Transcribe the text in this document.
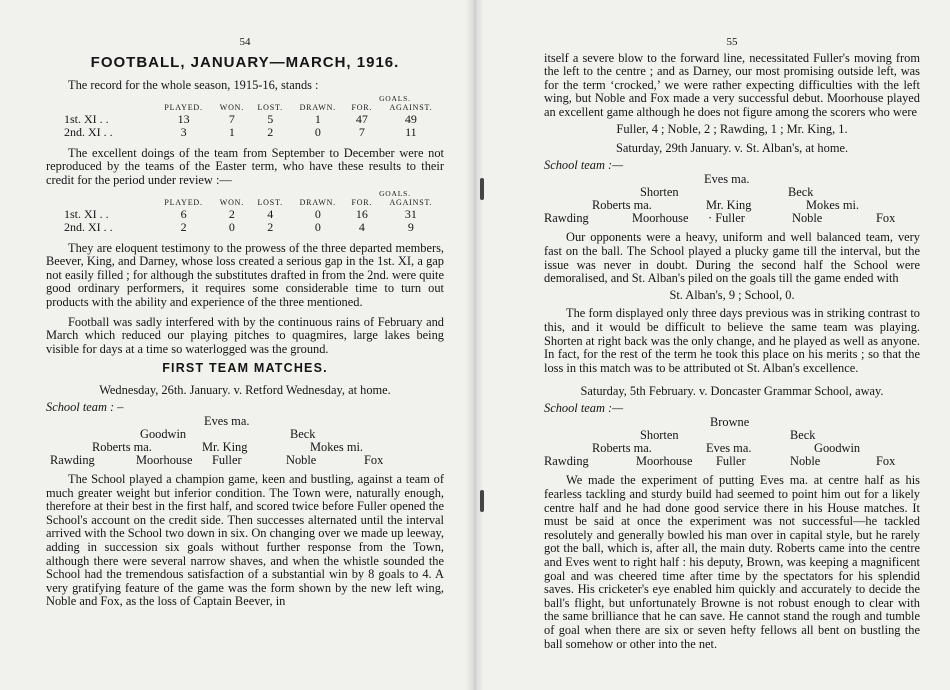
54
FOOTBALL, JANUARY—MARCH, 1916.

The record for the whole season, 1915-16, stands :

					GOALS.	
	PLAYED.	WON.	LOST.	DRAWN.	FOR.	AGAINST.
1st. XI . .	13	7	5	1	47	49
2nd. XI . .	3	1	2	0	7	11

The excellent doings of the team from September to December were not reproduced by the teams of the Easter term, who have these results to their credit for the period under review :—

					GOALS.	
	PLAYED.	WON.	LOST.	DRAWN.	FOR.	AGAINST.
1st. XI . .	6	2	4	0	16	31
2nd. XI . .	2	0	2	0	4	9

They are eloquent testimony to the prowess of the three departed members, Beever, King, and Darney, whose loss created a serious gap in the 1st. XI, a gap not easily filled ; for although the substitutes drafted in from the 2nd. were quite good ordinary performers, it requires some considerable time to turn out products with the ability and experience of the three mentioned.

Football was sadly interfered with by the continuous rains of February and March which reduced our playing pitches to quagmires, large lakes being visible for days at a time so waterlogged was the ground.

FIRST TEAM MATCHES.
Wednesday, 26th. January. v. Retford Wednesday, at home.
School team : –
Eves ma.
Goodwin	Beck
Roberts ma.	Mr. King	Mokes mi.
Rawding	Moorhouse Fuller	Noble	Fox

The School played a champion game, keen and bustling, against a team of much greater weight but inferior condition. The Town were, naturally enough, therefore at their best in the first half, and scored twice before Fuller opened the School's account on the credit side. Then successes alternated until the interval arrived with the School two down in six. On changing over we made up leeway, adding in succession six goals without further response from the Town, although there were several narrow shaves, and when the whistle sounded the School had the tremendous satisfaction of a substantial win by 8 goals to 4. A very gratifying feature of the game was the form shown by the new left wing, Noble and Fox, as the loss of Captain Beever, in

55

itself a severe blow to the forward line, necessitated Fuller's moving from the left to the centre ; and as Darney, our most promising outside left, was for the term ‘crocked,’ we were rather expecting difficulties with the left wing, but Noble and Fox made a very successful debut. Moorhouse played an excellent game although he does not figure among the scorers who were

Fuller, 4 ; Noble, 2 ; Rawding, 1 ; Mr. King, 1.
Saturday, 29th January. v. St. Alban's, at home.
School team :—
Eves ma.
Shorten	Beck
Roberts ma.	Mr. King	Mokes mi.
Rawding	Moorhouse · Fuller	Noble	Fox

Our opponents were a heavy, uniform and well balanced team, very fast on the ball. The School played a plucky game till the interval, but the issue was never in doubt. During the second half the School were demoralised, and St. Alban's piled on the goals till the game ended with

St. Alban's, 9 ; School, 0.

The form displayed only three days previous was in striking contrast to this, and it would be difficult to believe the same team was playing. Shorten at right back was the only change, and he played as well as anyone. In fact, for the rest of the term he took this place on his merits ; so that the loss in this match was to be attributed ot St. Alban's excellence.

Saturday, 5th February. v. Doncaster Grammar School, away.
School team :—
Browne
Shorten	Beck
Roberts ma.	Eves ma.	Goodwin
Rawding	Moorhouse Fuller	Noble	Fox

We made the experiment of putting Eves ma. at centre half as his fearless tackling and sturdy build had seemed to point him out for a likely centre half and he had done good service there in his House matches. It must be said at once the experiment was not successful—he tackled resolutely and generally bowled his man over in capital style, but he rarely got the ball, which is, after all, the main duty. Roberts came into the centre and Eves went to right half : his deputy, Brown, was keeping a magnificent goal and was cheered time after time by the spectators for his splendid saves. His cricketer's eye enabled him quickly and accurately to decide the ball's flight, but unfortunately Browne is not robust enough to clear with the same brilliance that he can save. He cannot stand the rough and tumble of goal when there are six or seven hefty fellows all bent on bustling the ball somehow or other into the net.
